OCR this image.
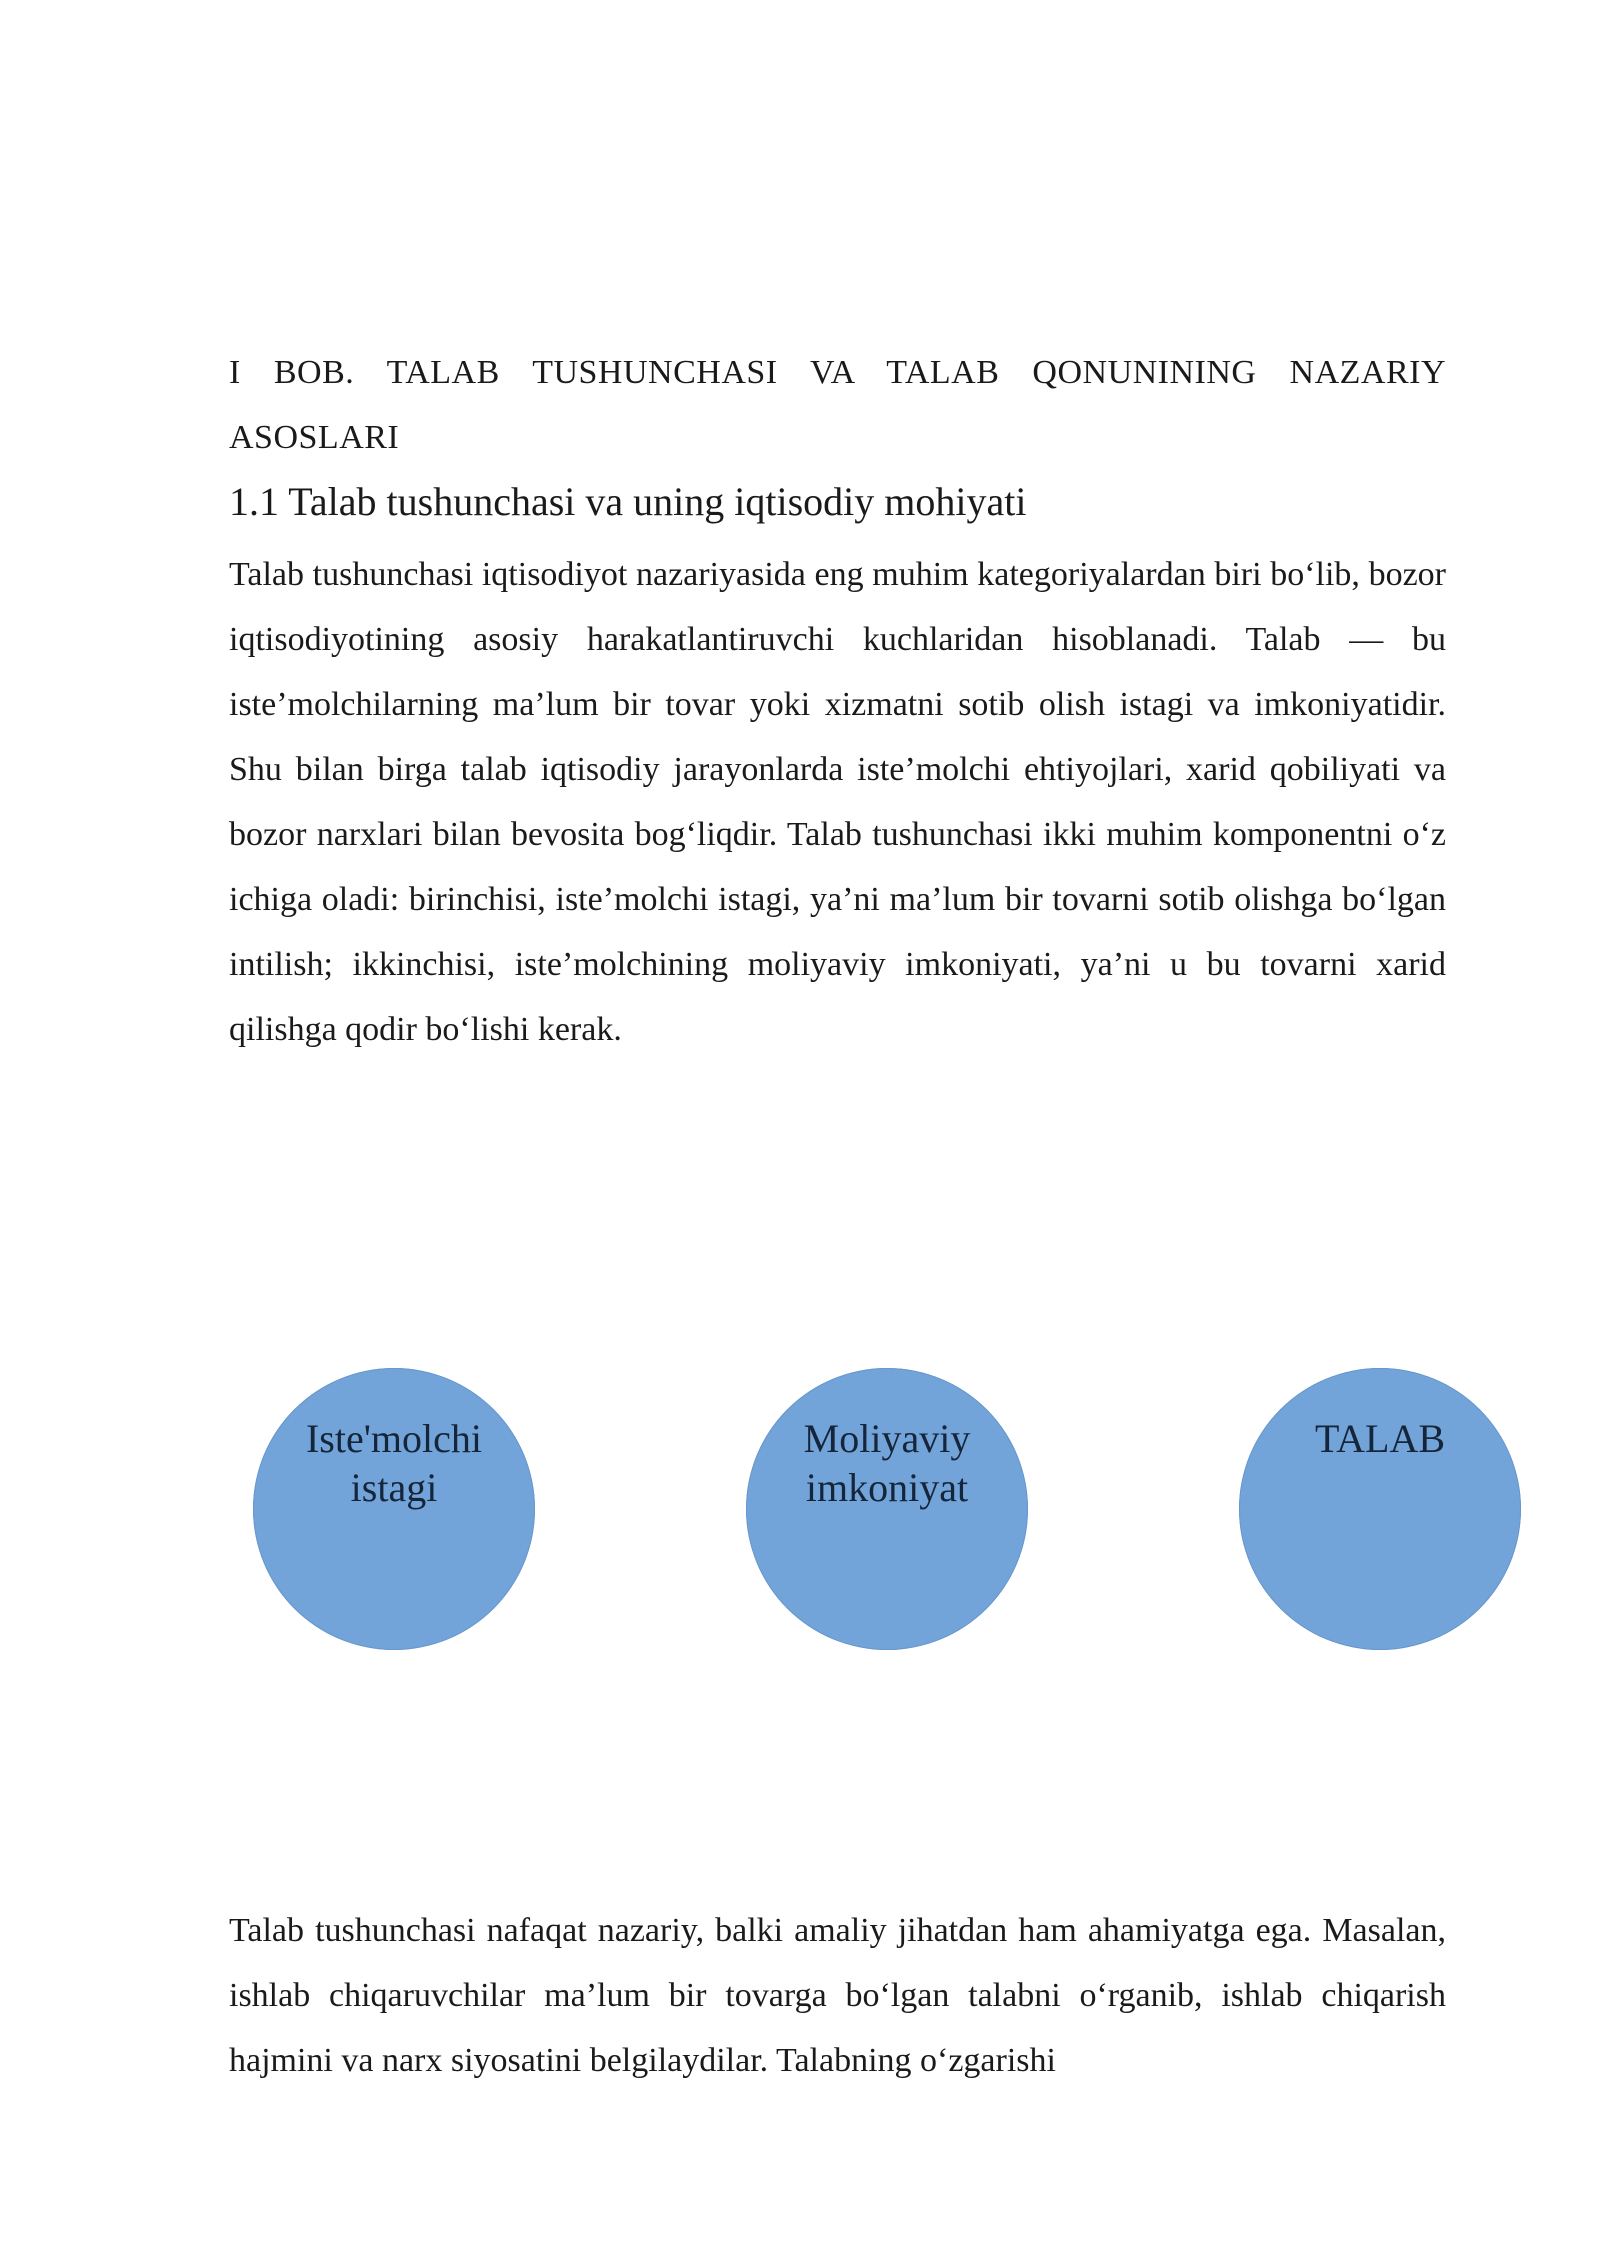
I BOB. TALAB TUSHUNCHASI VA TALAB QONUNINING NAZARIY ASOSLARI
1.1 Talab tushunchasi va uning iqtisodiy mohiyati

Talab tushunchasi iqtisodiyot nazariyasida eng muhim kategoriyalardan biri bo‘lib, bozor iqtisodiyotining asosiy harakatlantiruvchi kuchlaridan hisoblanadi. Talab — bu iste’molchilarning ma’lum bir tovar yoki xizmatni sotib olish istagi va imkoniyatidir. Shu bilan birga talab iqtisodiy jarayonlarda iste’molchi ehtiyojlari, xarid qobiliyati va bozor narxlari bilan bevosita bog‘liqdir. Talab tushunchasi ikki muhim komponentni o‘z ichiga oladi: birinchisi, iste’molchi istagi, ya’ni ma’lum bir tovarni sotib olishga bo‘lgan intilish; ikkinchisi, iste’molchining moliyaviy imkoniyati, ya’ni u bu tovarni xarid qilishga qodir bo‘lishi kerak.

Iste'molchi istagi
Moliyaviy imkoniyat
TALAB

Talab tushunchasi nafaqat nazariy, balki amaliy jihatdan ham ahamiyatga ega. Masalan, ishlab chiqaruvchilar ma’lum bir tovarga bo‘lgan talabni o‘rganib, ishlab chiqarish hajmini va narx siyosatini belgilaydilar. Talabning o‘zgarishi
